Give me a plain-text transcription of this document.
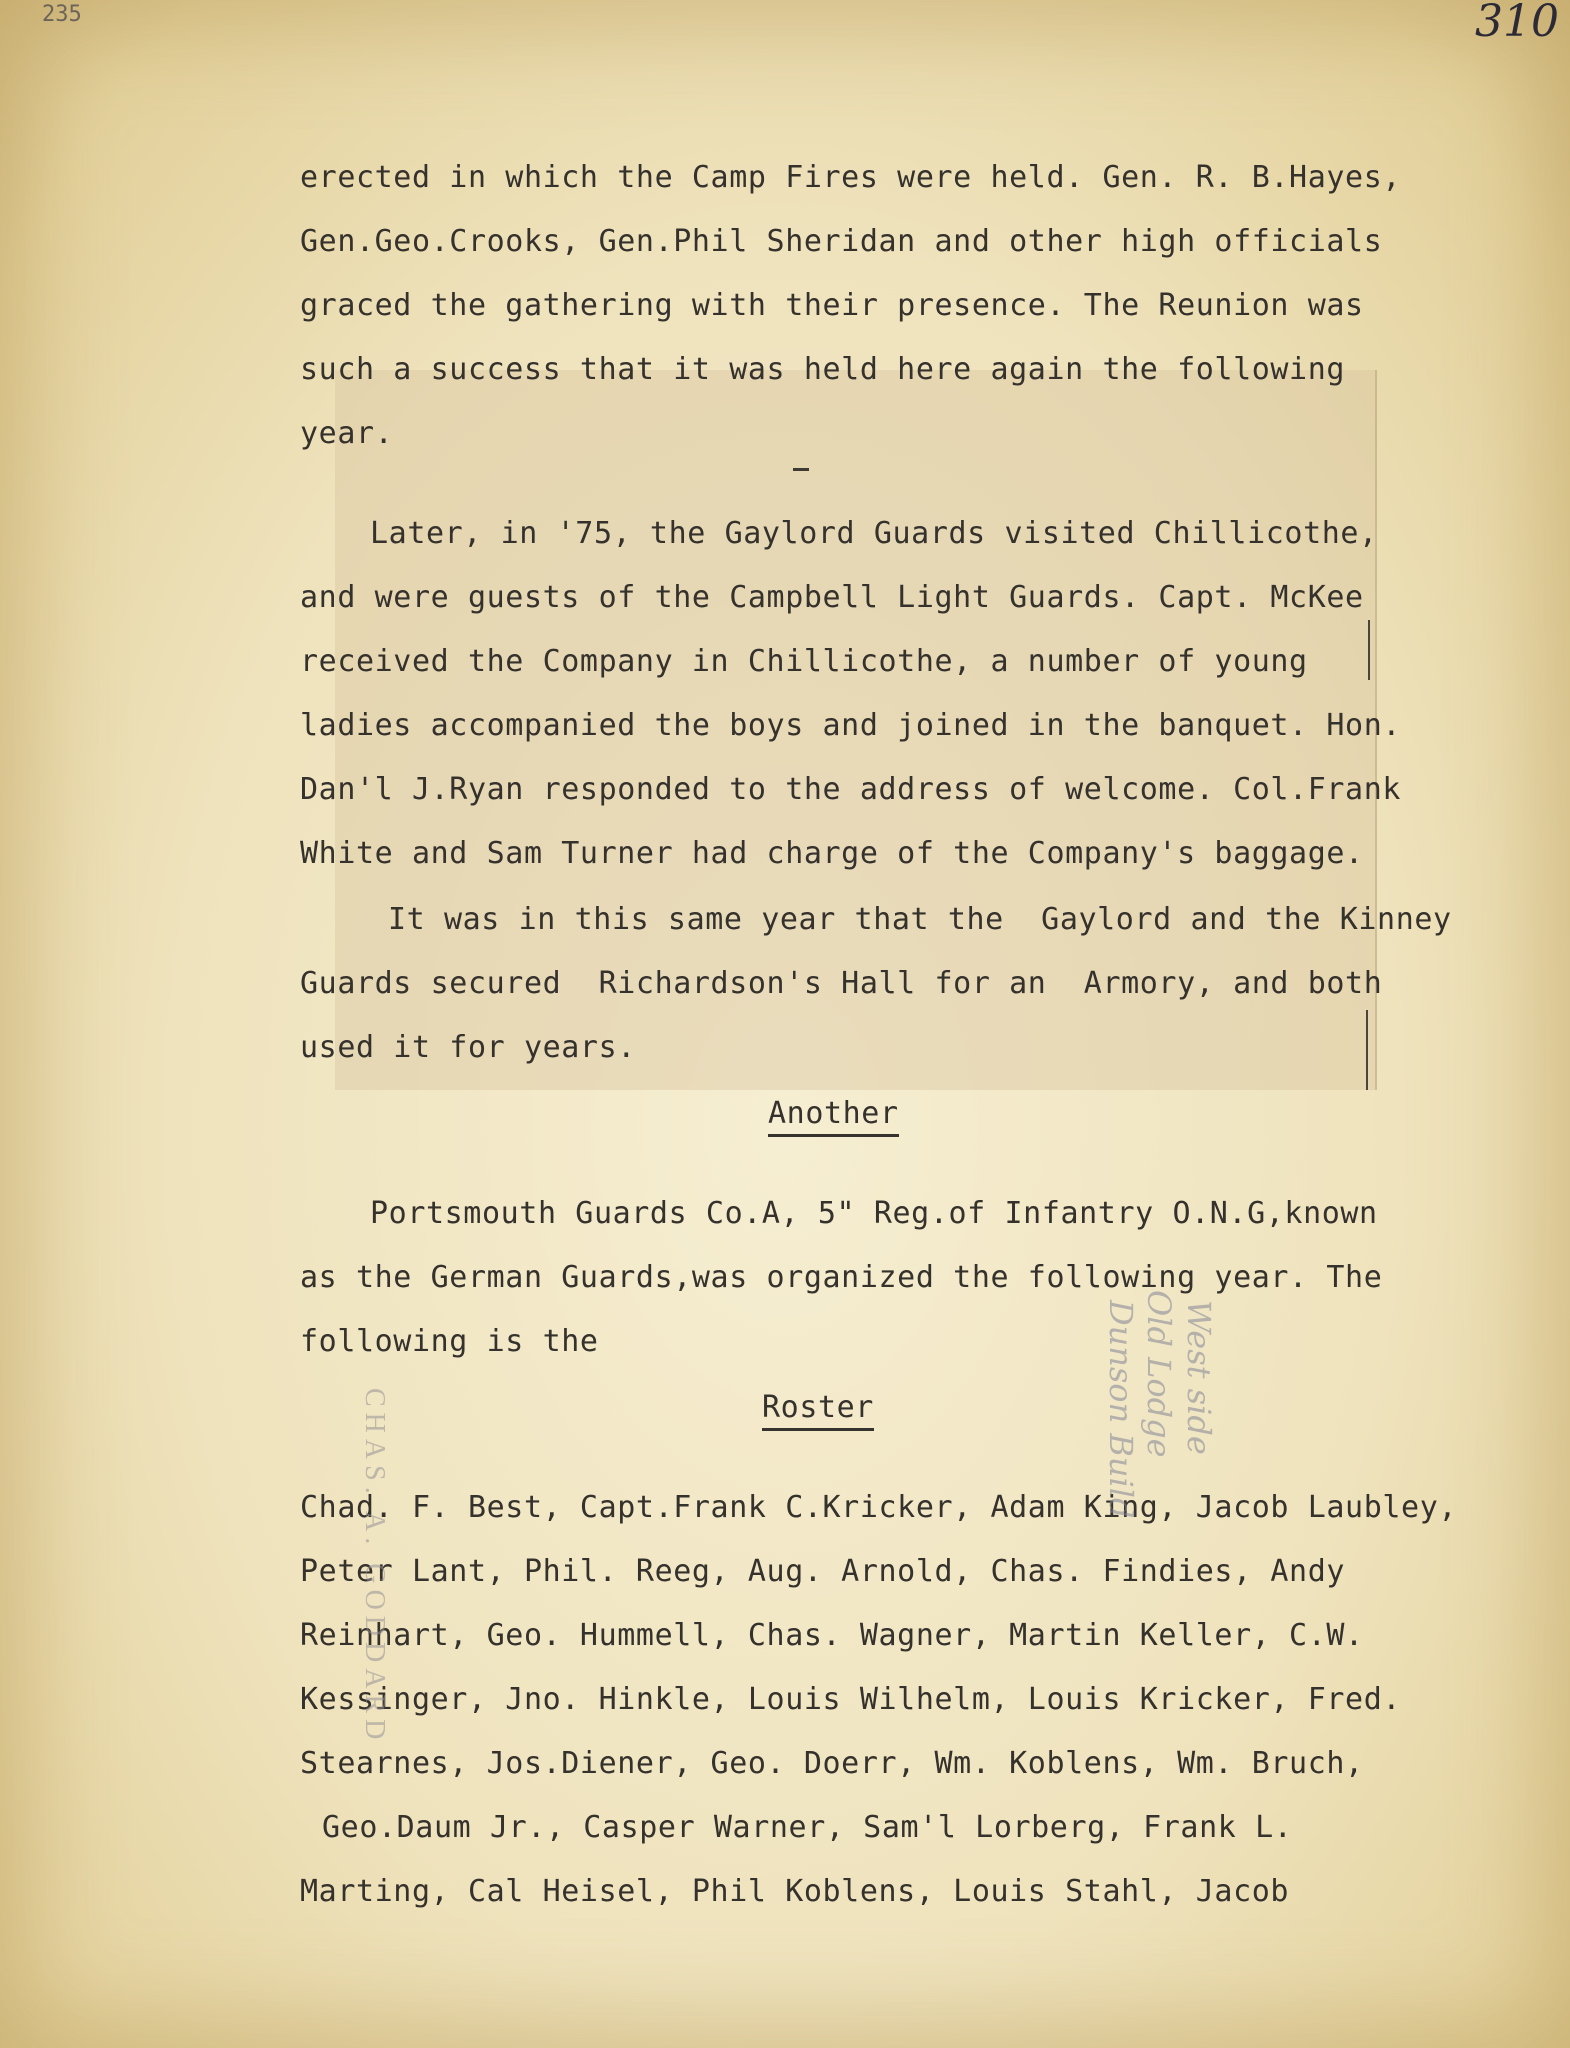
235	310
erected in which the Camp Fires were held. Gen. R. B.Hayes,
Gen.Geo.Crooks, Gen.Phil Sheridan and other high officials
graced the gathering with their presence. The Reunion was
such a success that it was held here again the following
year.
Later, in '75, the Gaylord Guards visited Chillicothe,
and were guests of the Campbell Light Guards. Capt. McKee
received the Company in Chillicothe, a number of young
ladies accompanied the boys and joined in the banquet. Hon.
Dan'l J.Ryan responded to the address of welcome. Col.Frank
White and Sam Turner had charge of the Company's baggage.
It was in this same year that the  Gaylord and the Kinney
Guards secured  Richardson's Hall for an  Armory, and both
used it for years.
Another
Portsmouth Guards Co.A, 5" Reg.of Infantry O.N.G,known
as the German Guards,was organized the following year. The
following is the
Roster
Chad. F. Best, Capt.Frank C.Kricker, Adam King, Jacob Laubley,
Peter Lant, Phil. Reeg, Aug. Arnold, Chas. Findies, Andy
Reinhart, Geo. Hummell, Chas. Wagner, Martin Keller, C.W.
Kessinger, Jno. Hinkle, Louis Wilhelm, Louis Kricker, Fred.
Stearnes, Jos.Diener, Geo. Doerr, Wm. Koblens, Wm. Bruch,
Geo.Daum Jr., Casper Warner, Sam'l Lorberg, Frank L.
Marting, Cal Heisel, Phil Koblens, Louis Stahl, Jacob
CHAS. A. GODDARD
West side
Old Lodge
Dunson Build
